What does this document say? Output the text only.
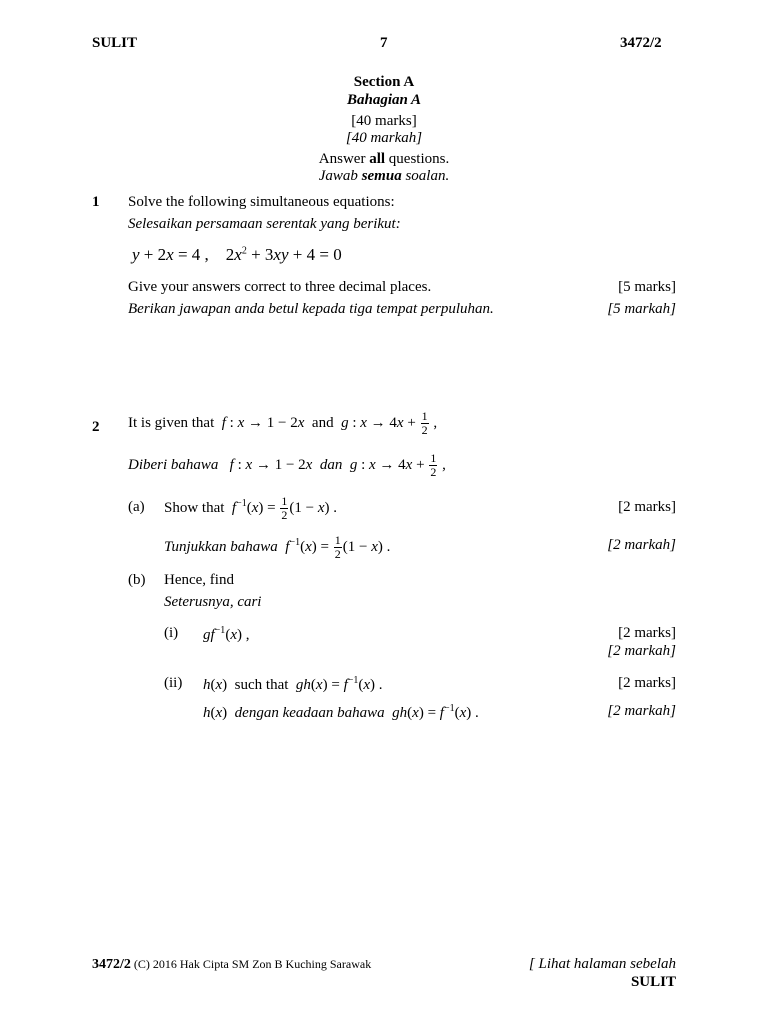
SULIT	7	3472/2
Section A
Bahagian A
[40 marks]
[40 markah]
Answer all questions.
Jawab semua soalan.
1 Solve the following simultaneous equations:
Selesaikan persamaan serentak yang berikut:
y + 2x = 4 ,    $2x^2 + 3xy + 4 = 0$
Give your answers correct to three decimal places.	[5 marks]
Berikan jawapan anda betul kepada tiga tempat perpuluhan.	[5 markah]
2 It is given that f : x → 1 − 2x and g : $x \to 4x + \frac{1}{2}$ ,
Diberi bahawa f : x → 1 − 2x dan g : $x \to 4x + \frac{1}{2}$ ,
(a) Show that $f^{-1}(x) = \frac{1}{2} (1 - x)$ .	[2 marks]
Tunjukkan bahawa $f^{-1}(x) = \frac{1}{2} (1 - x)$ .	[2 markah]
(b) Hence, find
Seterusnya, cari
(i) $gf^{-1}(x)$ ,	[2 marks]
[2 markah]
(ii) h(x)  such that $gh(x) = f^{-1}(x)$ .	[2 marks]
h(x)  dengan keadaan bahawa $gh(x) = f^{-1}(x)$ .	[2 markah]
3472/2 (C) 2016 Hak Cipta SM Zon B Kuching Sarawak	[ Lihat halaman sebelah
SULIT
